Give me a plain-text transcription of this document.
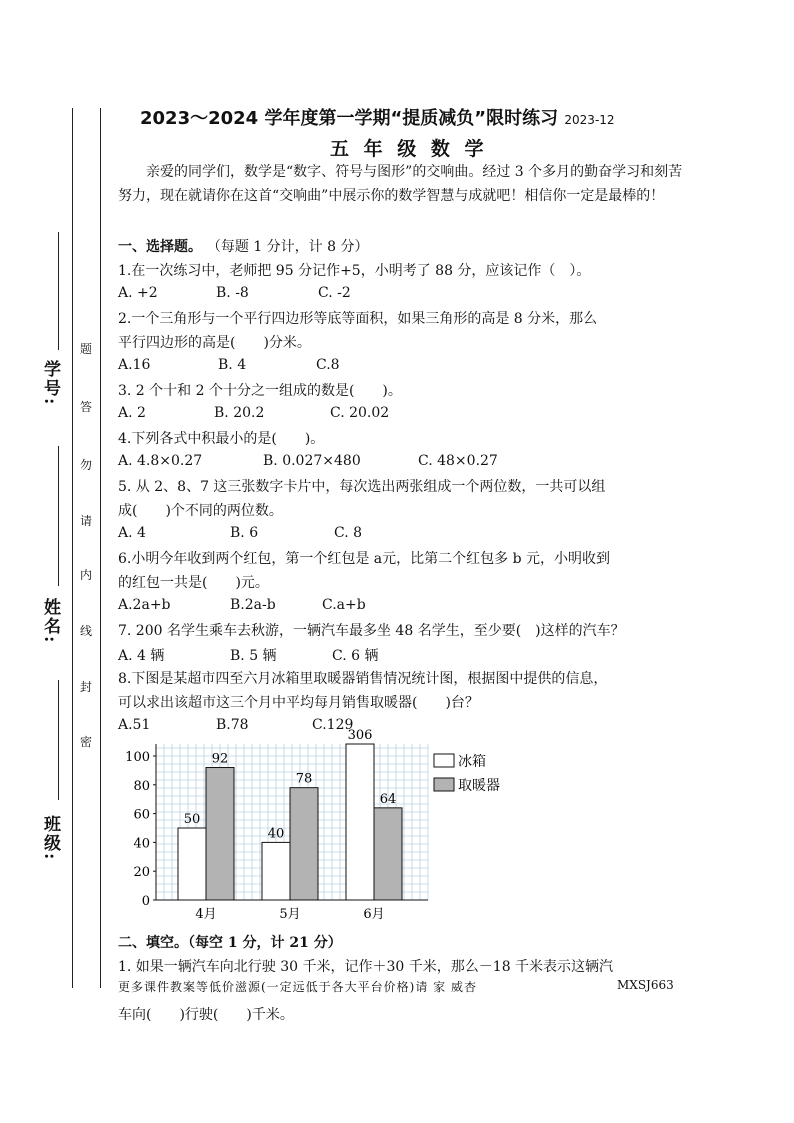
学号:
姓名:
班级:
题
答
勿
请
内
线
封
密
2023～2024 学年度第一学期“提质减负”限时练习 2023-12
五 年 级 数 学
亲爱的同学们，数学是“数字、符号与图形”的交响曲。经过 3 个多月的勤奋学习和刻苦努力，现在就请你在这首“交响曲”中展示你的数学智慧与成就吧！相信你一定是最棒的！
一、选择题。 （每题 1 分计，计 8 分）
1.在一次练习中，老师把 95 分记作+5，小明考了 88 分，应该记作（　）。
A. +2	B. -8	C. -2
2.一个三角形与一个平行四边形等底等面积，如果三角形的高是 8 分米，那么
平行四边形的高是(　　)分米。
A.16	B. 4	C.8
3. 2 个十和 2 个十分之一组成的数是(　　)。
A. 2	B. 20.2	C. 20.02
4.下列各式中积最小的是(　　)。
A. 4.8×0.27	B. 0.027×480	C. 48×0.27
5. 从 2、8、7 这三张数字卡片中，每次选出两张组成一个两位数，一共可以组
成(　　)个不同的两位数。
A. 4	B. 6	C. 8
6.小明今年收到两个红包，第一个红包是 a元，比第二个红包多 b 元，小明收到
的红包一共是(　　)元。
A.2a+b	B.2a-b	C.a+b
7. 200 名学生乘车去秋游，一辆汽车最多坐 48 名学生，至少要(　)这样的汽车？
A. 4 辆	B. 5 辆	C. 6 辆
8.下图是某超市四至六月冰箱里取暖器销售情况统计图，根据图中提供的信息，
可以求出该超市这三个月中平均每月销售取暖器(　　)台？
A.51	B.78	C.129
0
20
40
60
80
100
50
92
4月
40
78
5月
306
64
6月
冰箱
取暖器
二、填空。（每空 1 分，计 21 分）
1. 如果一辆汽车向北行驶 30 千米，记作＋30 千米，那么－18 千米表示这辆汽
更多课件教案等低价滋源(一定远低于各大平台价格)请 家 威杏	MXSJ663
车向(　　)行驶(　　)千米。
